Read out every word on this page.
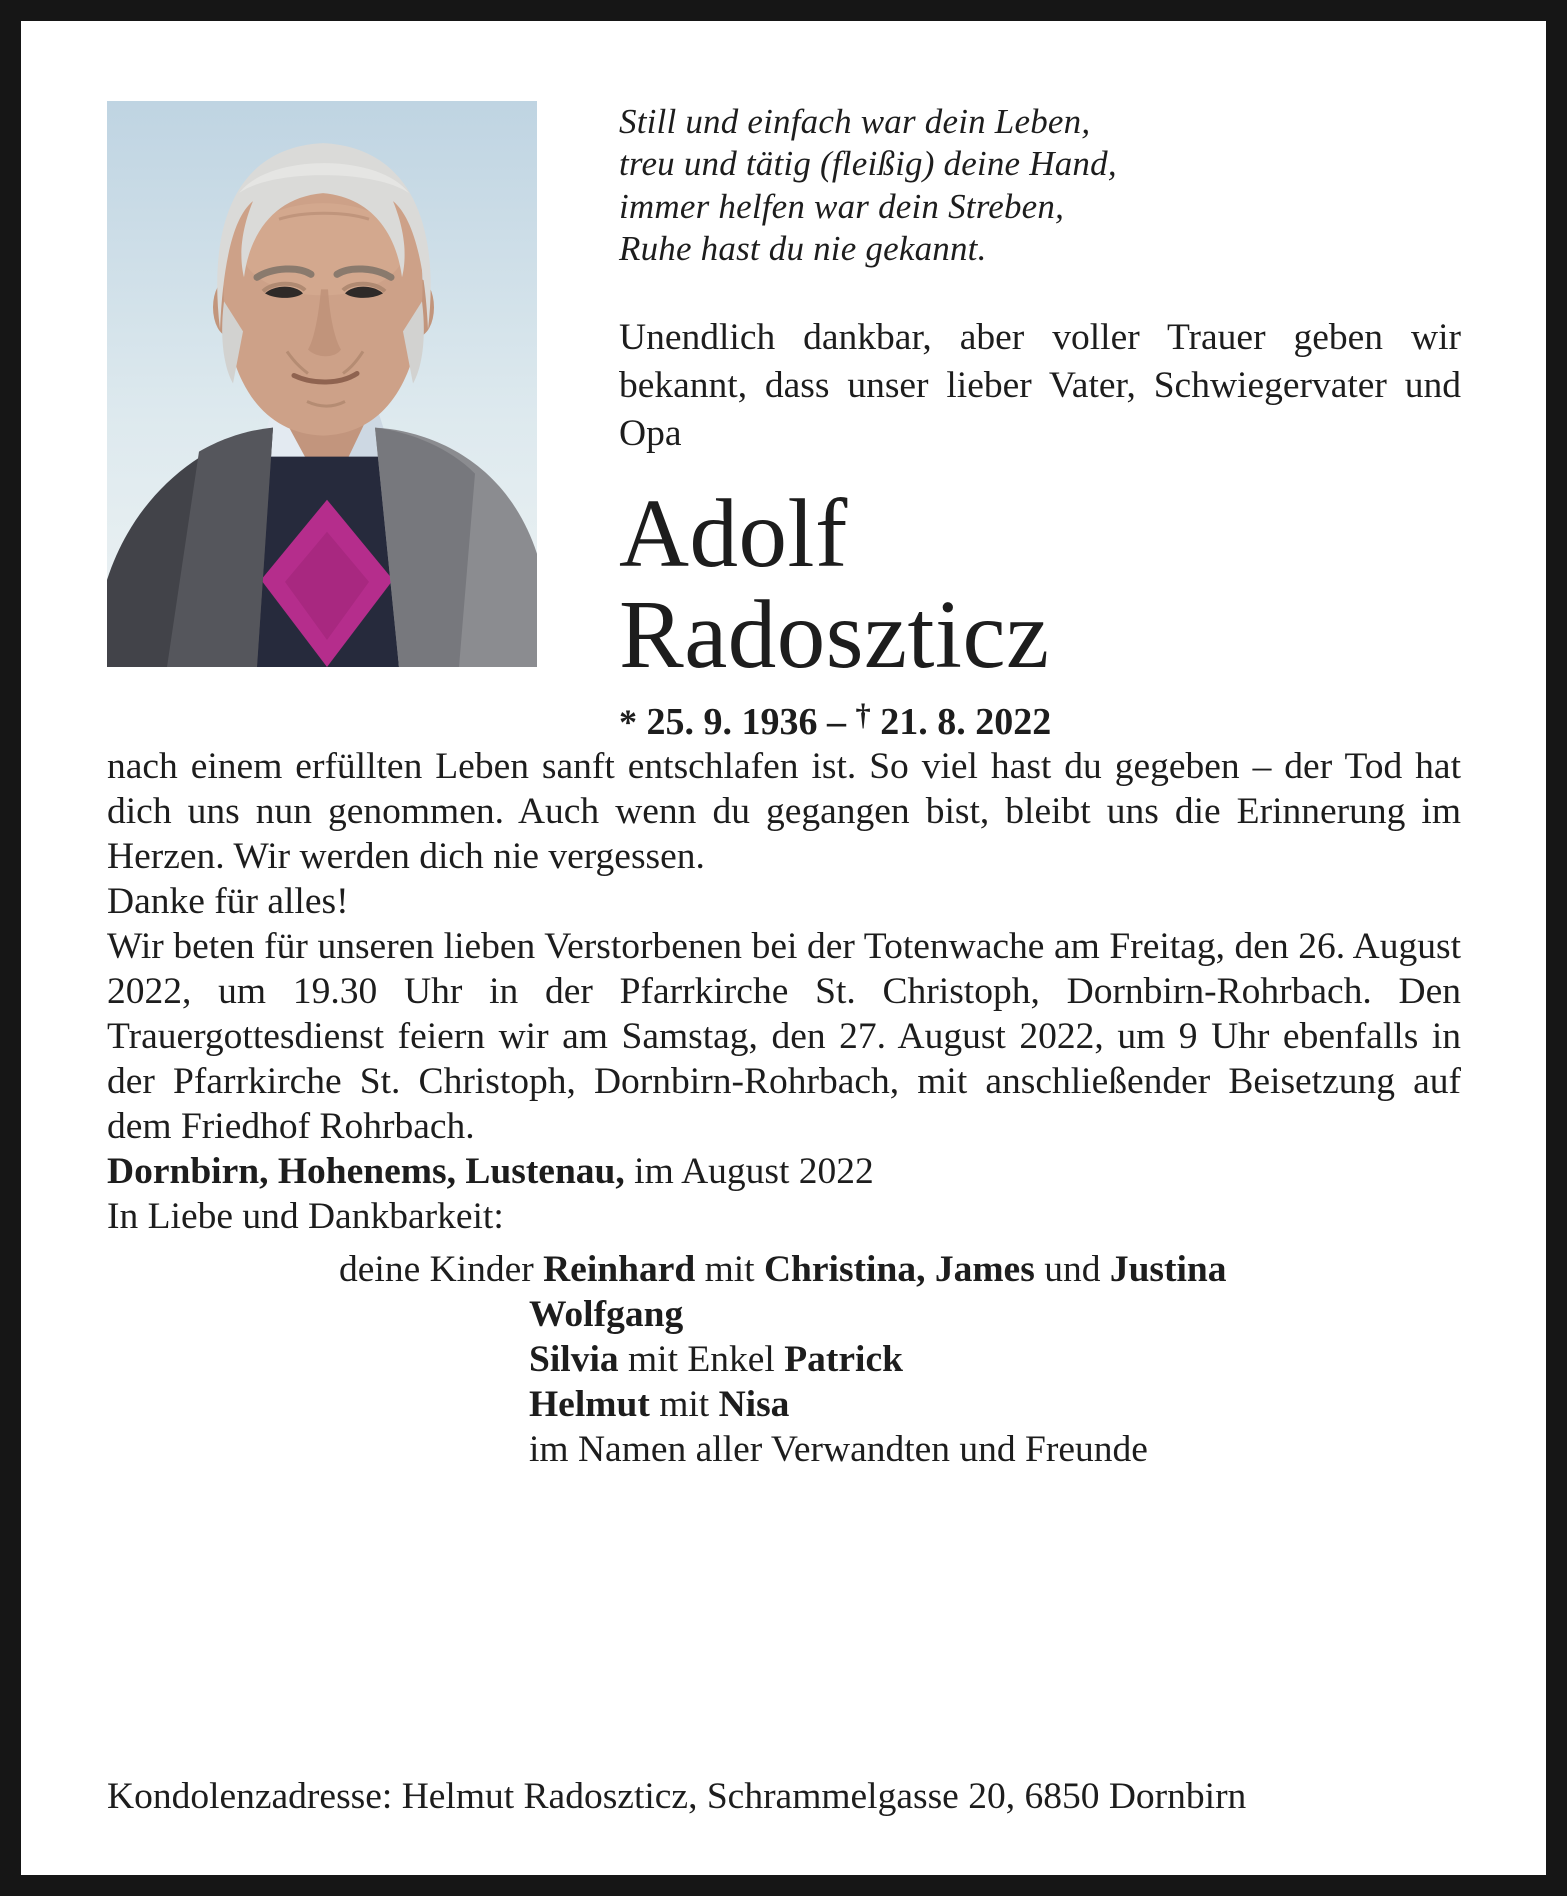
Still und einfach war dein Leben,
treu und tätig (fleißig) deine Hand,
immer helfen war dein Streben,
Ruhe hast du nie gekannt.

Unendlich dankbar, aber voller Trauer geben wir bekannt, dass unser lieber Vater, Schwiegervater und Opa

Adolf
Radoszticz
* 25. 9. 1936 – † 21. 8. 2022

nach einem erfüllten Leben sanft entschlafen ist. So viel hast du gegeben – der Tod hat dich uns nun genommen. Auch wenn du gegangen bist, bleibt uns die Erinnerung im Herzen. Wir werden dich nie vergessen.

Danke für alles!

Wir beten für unseren lieben Verstorbenen bei der Totenwache am Freitag, den 26. August 2022, um 19.30 Uhr in der Pfarrkirche St. Christoph, Dornbirn-Rohrbach. Den Trauergottesdienst feiern wir am Samstag, den 27. August 2022, um 9 Uhr ebenfalls in der Pfarrkirche St. Christoph, Dornbirn-Rohrbach, mit anschließender Beisetzung auf dem Friedhof Rohrbach.

Dornbirn, Hohenems, Lustenau, im August 2022

In Liebe und Dankbarkeit:

deine Kinder Reinhard mit Christina, James und Justina
Wolfgang
Silvia mit Enkel Patrick
Helmut mit Nisa
im Namen aller Verwandten und Freunde

Kondolenzadresse: Helmut Radoszticz, Schrammelgasse 20, 6850 Dornbirn
